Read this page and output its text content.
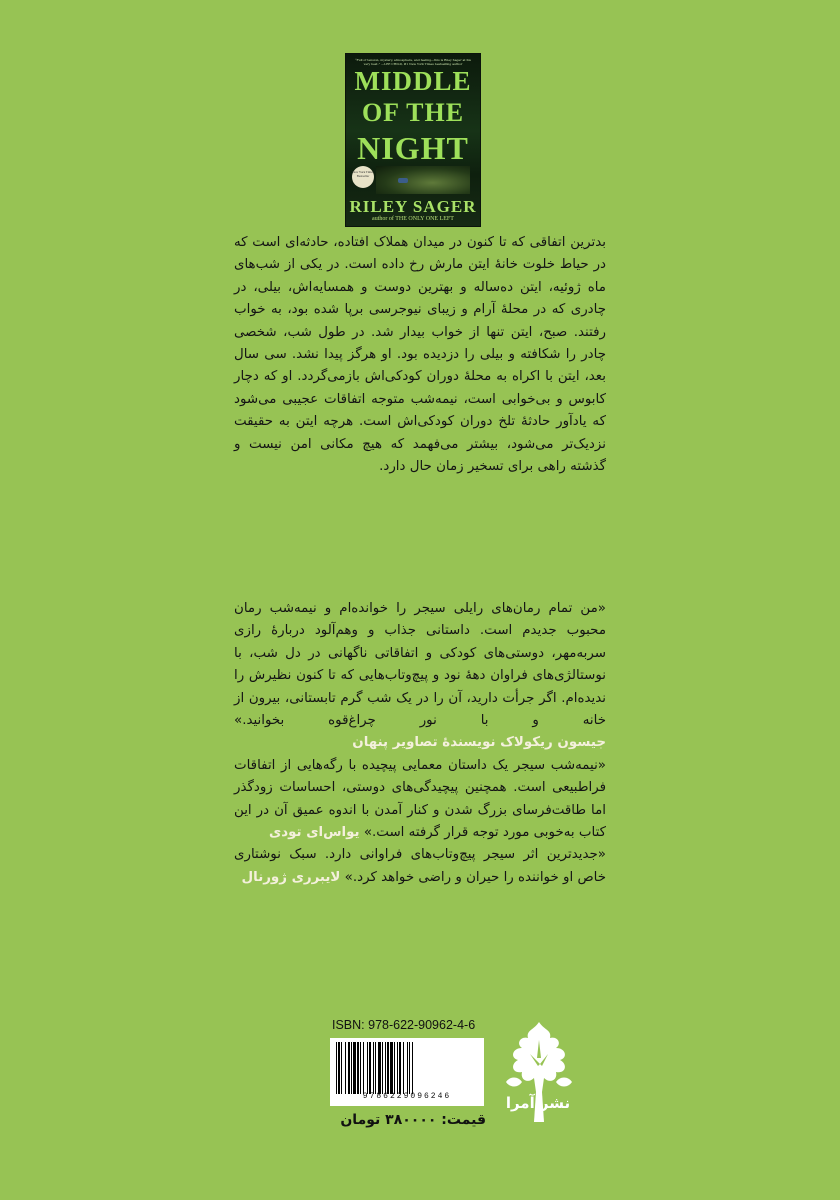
“Full of tension, mystery, atmosphere, and feeling—this is Riley Sager at his very best.” —LEE CHILD, #1 New York Times bestselling author
MIDDLE
OF THE
NIGHT
New York Times Bestseller
RILEY SAGER
author of THE ONLY ONE LEFT
بدترین اتفاقی که تا کنون در میدان هملاک افتاده، حادثه‌ای است که در حیاط خلوت خانهٔ ایتن مارش رخ داده است. در یکی از شب‌های ماه ژوئیه، ایتن ده‌ساله و بهترین دوست و همسایه‌اش، بیلی، در چادری که در محلهٔ آرام و زیبای نیوجرسی برپا شده بود، به خواب رفتند. صبح، ایتن تنها از خواب بیدار شد. در طول شب، شخصی چادر را شکافته و بیلی را دزدیده بود. او هرگز پیدا نشد. سی سال بعد، ایتن با اکراه به محلهٔ دوران کودکی‌اش بازمی‌گردد. او که دچار کابوس و بی‌خوابی است، نیمه‌شب متوجه اتفاقات عجیبی می‌شود که یادآور حادثهٔ تلخ دوران کودکی‌اش است. هرچه ایتن به حقیقت نزدیک‌تر می‌شود، بیشتر می‌فهمد که هیچ مکانی امن نیست و گذشته راهی برای تسخیر زمان حال دارد.

«من تمام رمان‌های رایلی سیجر را خوانده‌ام و نیمه‌شب رمان محبوب جدیدم است. داستانی جذاب و وهم‌آلود دربارهٔ رازی سربه‌مهر، دوستی‌های کودکی و اتفاقاتی ناگهانی در دل شب، با نوستالژی‌های فراوان دههٔ نود و پیچ‌وتاب‌هایی که تا کنون نظیرش را ندیده‌ام. اگر جرأت دارید، آن را در یک شب گرم تابستانی، بیرون از خانه و با نور چراغ‌قوه بخوانید.» جیسون ریکولاک نویسندهٔ تصاویر پنهان

«نیمه‌شب سیجر یک داستان معمایی پیچیده با رگه‌هایی از اتفاقات فراطبیعی است. همچنین پیچیدگی‌های دوستی، احساسات زودگذر اما طاقت‌فرسای بزرگ شدن و کنار آمدن با اندوه عمیق آن در این کتاب به‌خوبی مورد توجه قرار گرفته است.» یواس‌ای تودی

«جدیدترین اثر سیجر پیچ‌وتاب‌های فراوانی دارد. سبک نوشتاری خاص او خواننده را حیران و راضی خواهد کرد.» لایبرری ژورنال

ISBN: 978-622-90962-4-6
9786229096246
قیمت: ۳۸۰۰۰۰ تومان
نشر آمرا
